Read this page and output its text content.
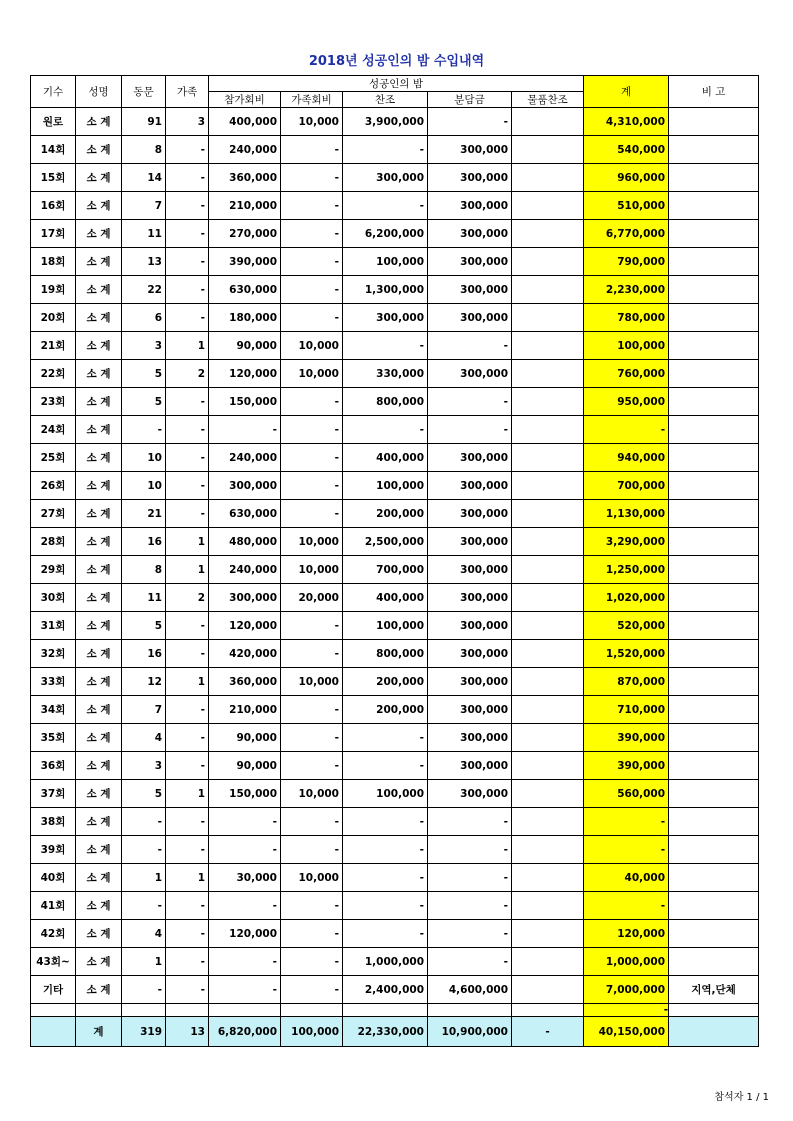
2018년 성공인의 밤 수입내역
기수	성명	동문	가족	성공인의 밤					계	비 고
				참가회비	가족회비	찬조	분담금	물품찬조		
원로	소 계	91	3	400,000	10,000	3,900,000	-		4,310,000	
14회	소 계	8	-	240,000	-	-	300,000		540,000	
15회	소 계	14	-	360,000	-	300,000	300,000		960,000	
16회	소 계	7	-	210,000	-	-	300,000		510,000	
17회	소 계	11	-	270,000	-	6,200,000	300,000		6,770,000	
18회	소 계	13	-	390,000	-	100,000	300,000		790,000	
19회	소 계	22	-	630,000	-	1,300,000	300,000		2,230,000	
20회	소 계	6	-	180,000	-	300,000	300,000		780,000	
21회	소 계	3	1	90,000	10,000	-	-		100,000	
22회	소 계	5	2	120,000	10,000	330,000	300,000		760,000	
23회	소 계	5	-	150,000	-	800,000	-		950,000	
24회	소 계	-	-	-	-	-	-		-	
25회	소 계	10	-	240,000	-	400,000	300,000		940,000	
26회	소 계	10	-	300,000	-	100,000	300,000		700,000	
27회	소 계	21	-	630,000	-	200,000	300,000		1,130,000	
28회	소 계	16	1	480,000	10,000	2,500,000	300,000		3,290,000	
29회	소 계	8	1	240,000	10,000	700,000	300,000		1,250,000	
30회	소 계	11	2	300,000	20,000	400,000	300,000		1,020,000	
31회	소 계	5	-	120,000	-	100,000	300,000		520,000	
32회	소 계	16	-	420,000	-	800,000	300,000		1,520,000	
33회	소 계	12	1	360,000	10,000	200,000	300,000		870,000	
34회	소 계	7	-	210,000	-	200,000	300,000		710,000	
35회	소 계	4	-	90,000	-	-	300,000		390,000	
36회	소 계	3	-	90,000	-	-	300,000		390,000	
37회	소 계	5	1	150,000	10,000	100,000	300,000		560,000	
38회	소 계	-	-	-	-	-	-		-	
39회	소 계	-	-	-	-	-	-		-	
40회	소 계	1	1	30,000	10,000	-	-		40,000	
41회	소 계	-	-	-	-	-	-		-	
42회	소 계	4	-	120,000	-	-	-		120,000	
43회~	소 계	1	-	-	-	1,000,000	-		1,000,000	
기타	소 계	-	-	-	-	2,400,000	4,600,000		7,000,000	지역,단체
									-	
	계	319	13	6,820,000	100,000	22,330,000	10,900,000	-	40,150,000	
참석자 1 / 1
